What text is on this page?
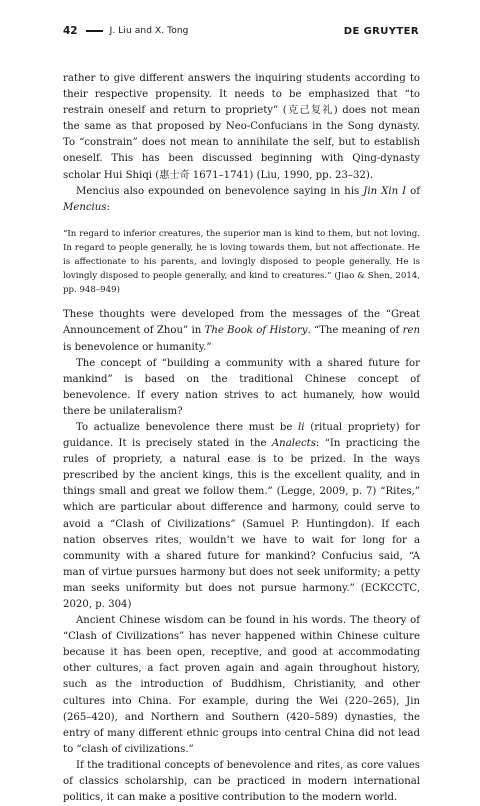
42	J. Liu and X. Tong	DE GRUYTER

rather to give different answers the inquiring students according to their respective propensity. It needs to be emphasized that “to restrain oneself and return to propriety” (克己复礼) does not mean the same as that proposed by Neo-Confucians in the Song dynasty. To “constrain” does not mean to annihilate the self, but to establish oneself. This has been discussed beginning with Qing-dynasty scholar Hui Shiqi (惠士奇 1671–1741) (Liu, 1990, pp. 23–32).

Mencius also expounded on benevolence saying in his Jin Xin I of Mencius:

“In regard to inferior creatures, the superior man is kind to them, but not loving. In regard to people generally, he is loving towards them, but not affectionate. He is affectionate to his parents, and lovingly disposed to people generally. He is lovingly disposed to people generally, and kind to creatures.” (Jiao & Shen, 2014, pp. 948–949)

These thoughts were developed from the messages of the “Great Announcement of Zhou” in The Book of History. “The meaning of ren is benevolence or humanity.”

The concept of “building a community with a shared future for mankind” is based on the traditional Chinese concept of benevolence. If every nation strives to act humanely, how would there be unilateralism?

To actualize benevolence there must be li (ritual propriety) for guidance. It is precisely stated in the Analects: “In practicing the rules of propriety, a natural ease is to be prized. In the ways prescribed by the ancient kings, this is the excellent quality, and in things small and great we follow them.” (Legge, 2009, p. 7) “Rites,” which are particular about difference and harmony, could serve to avoid a “Clash of Civilizations” (Samuel P. Huntingdon). If each nation observes rites, wouldn’t we have to wait for long for a community with a shared future for mankind? Confucius said, “A man of virtue pursues harmony but does not seek uniformity; a petty man seeks uniformity but does not pursue harmony.” (ECKCCTC, 2020, p. 304)

Ancient Chinese wisdom can be found in his words. The theory of “Clash of Civilizations” has never happened within Chinese culture because it has been open, receptive, and good at accommodating other cultures, a fact proven again and again throughout history, such as the introduction of Buddhism, Christianity, and other cultures into China. For example, during the Wei (220–265), Jin (265–420), and Northern and Southern (420–589) dynasties, the entry of many different ethnic groups into central China did not lead to “clash of civilizations.”

If the traditional concepts of benevolence and rites, as core values of classics scholarship, can be practiced in modern international politics, it can make a positive contribution to the modern world.
